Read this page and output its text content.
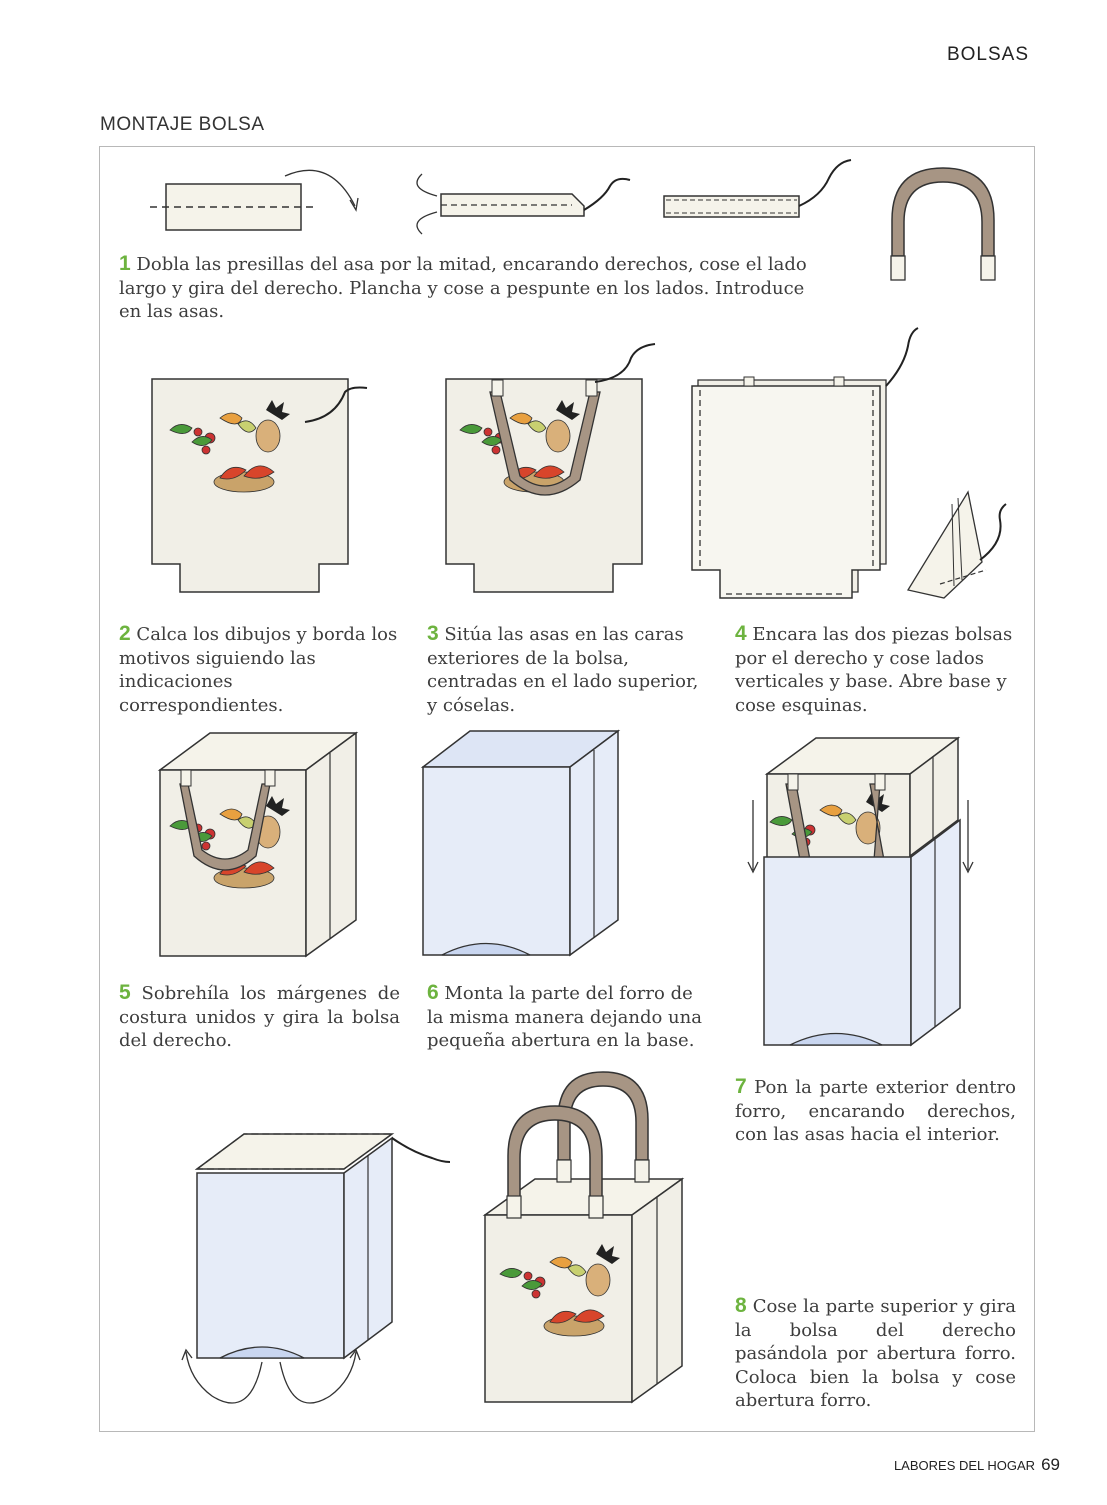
BOLSAS
MONTAJE BOLSA
1 Dobla las presillas del asa por la mitad, encarando derechos, cose el lado largo y gira del derecho. Plancha y cose a pespunte en los lados. Introduce en las asas.
2 Calca los dibujos y borda los motivos siguiendo las indicaciones correspondientes.
3 Sitúa las asas en las caras exteriores de la bolsa, centradas en el lado superior, y cóselas.
4 Encara las dos piezas bolsas por el derecho y cose lados verticales y base. Abre base y cose esquinas.
5 Sobrehíla los márgenes de costura unidos y gira la bolsa del derecho.
6 Monta la parte del forro de la misma manera dejando una pequeña abertura en la base.
7 Pon la parte exterior dentro forro, encarando derechos, con las asas hacia el interior.
8 Cose la parte superior y gira la bolsa del derecho pasándola por abertura forro. Coloca bien la bolsa y cose abertura forro.
LABORES DEL HOGAR 69
